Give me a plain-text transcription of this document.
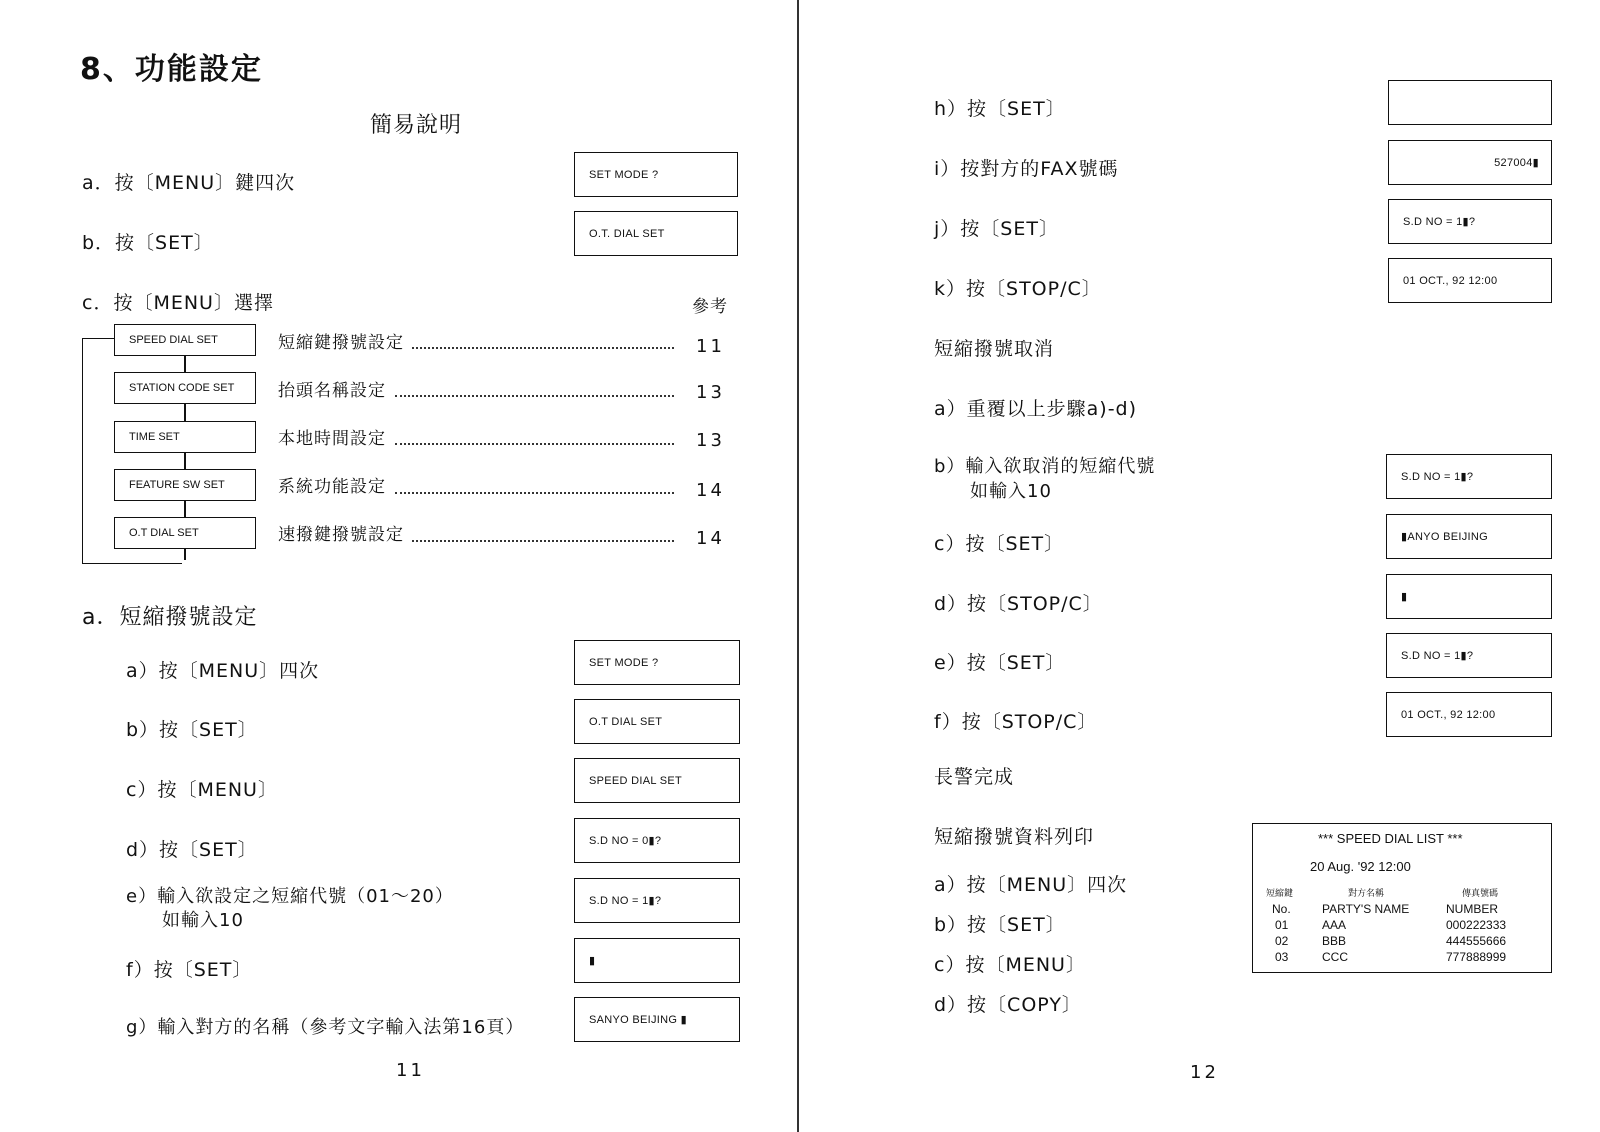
8、功能設定
簡易說明
a．按〔MENU〕鍵四次	SET MODE ?
b．按〔SET〕	O.T. DIAL SET
c．按〔MENU〕選擇	參考
SPEED DIAL SET
STATION CODE SET
TIME SET
FEATURE SW SET
O.T DIAL SET
短縮鍵撥號設定	11
抬頭名稱設定	13
本地時間設定	13
系統功能設定	14
速撥鍵撥號設定	14
a．短縮撥號設定
a）按〔MENU〕四次	SET MODE ?
b）按〔SET〕	O.T DIAL SET
c）按〔MENU〕	SPEED DIAL SET
d）按〔SET〕	S.D NO = 0▮?
e）輸入欲設定之短縮代號（01～20）
如輸入10
S.D NO = 1▮?
f）按〔SET〕	▮
g）輸入對方的名稱（參考文字輸入法第16頁）	SANYO BEIJING ▮
11
h）按〔SET〕
i）按對方的FAX號碼	527004▮
j）按〔SET〕	S.D NO = 1▮?
k）按〔STOP/C〕	01 OCT., 92 12:00
短縮撥號取消
a）重覆以上步驟a)-d)
b）輸入欲取消的短縮代號
如輸入10
S.D NO = 1▮?
c）按〔SET〕	▮ANYO BEIJING
d）按〔STOP/C〕	▮
e）按〔SET〕	S.D NO = 1▮?
f）按〔STOP/C〕	01 OCT., 92 12:00
長警完成
短縮撥號資料列印
a）按〔MENU〕四次
b）按〔SET〕
c）按〔MENU〕
d）按〔COPY〕
*** SPEED DIAL LIST ***
20 Aug. '92 12:00
短縮鍵	對方名稱	傳真號碼
No.	PARTY'S NAME	NUMBER
01	AAA	000222333
02	BBB	444555666
03	CCC	777888999
12
